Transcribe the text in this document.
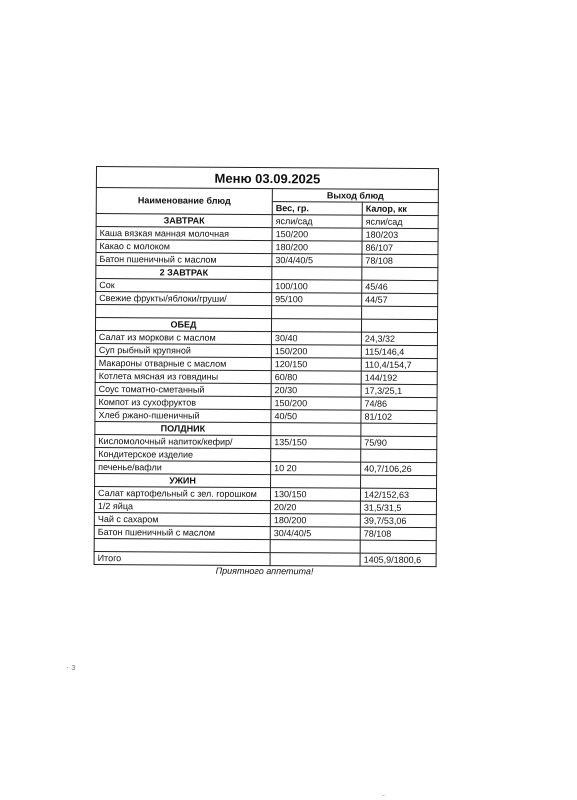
Меню 03.09.2025		
Наименование блюд	Выход блюд	
	Вес, гр.	Калор, кк
ЗАВТРАК	ясли/сад	ясли/сад
Каша вязкая манная молочная	150/200	180/203
Какао с молоком	180/200	86/107
Батон пшеничный с маслом	30/4/40/5	78/108
2 ЗАВТРАК		
Сок	100/100	45/46
Свежие фрукты/яблоки/груши/	95/100	44/57

ОБЕД		
Салат из моркови с маслом	30/40	24,3/32
Суп рыбный крупяной	150/200	115/146,4
Макароны отварные с маслом	120/150	110,4/154,7
Котлета мясная из говядины	60/80	144/192
Соус томатно-сметанный	20/30	17,3/25,1
Компот из сухофруктов	150/200	74/86
Хлеб ржано-пшеничный	40/50	81/102
ПОЛДНИК		
Кисломолочный напиток/кефир/	135/150	75/90
Кондитерское изделие		
печенье/вафли	10 20	40,7/106,26
УЖИН		
Салат картофельный с зел. горошком	130/150	142/152,63
1/2 яйца	20/20	31,5/31,5
Чай с сахаром	180/200	39,7/53,06
Батон пшеничный с маслом	30/4/40/5	78/108

Итого		1405,9/1800,6
Приятного аппетита!
· ɜ
-
